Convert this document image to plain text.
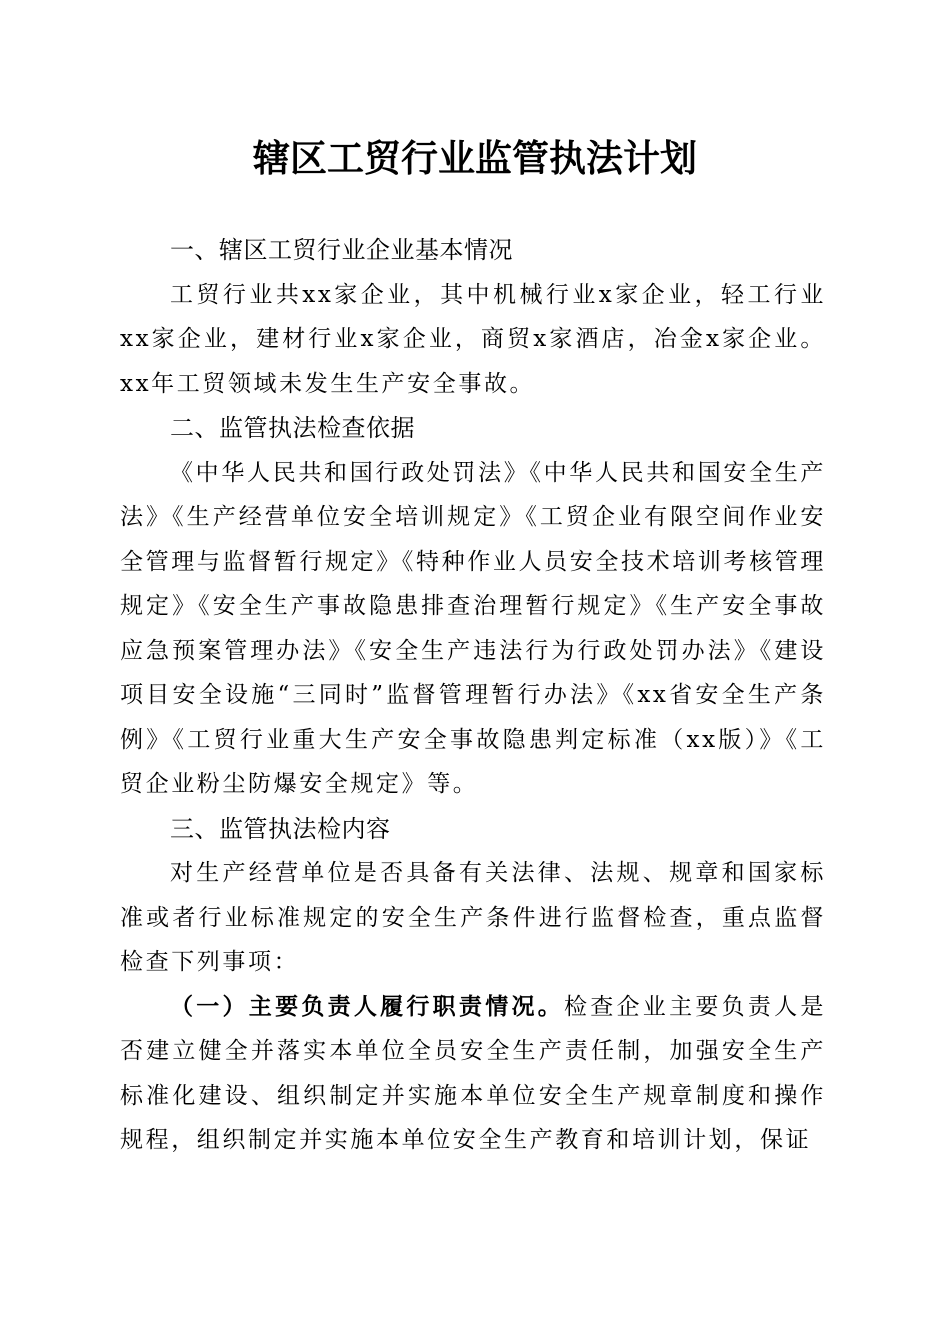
辖区工贸行业监管执法计划
一、辖区工贸行业企业基本情况

工贸行业共xx家企业，其中机械行业x家企业，轻工行业xx家企业，建材行业x家企业，商贸x家酒店，冶金x家企业。xx年工贸领域未发生生产安全事故。

二、监管执法检查依据

《中华人民共和国行政处罚法》《中华人民共和国安全生产法》《生产经营单位安全培训规定》《工贸企业有限空间作业安全管理与监督暂行规定》《特种作业人员安全技术培训考核管理规定》《安全生产事故隐患排查治理暂行规定》《生产安全事故应急预案管理办法》《安全生产违法行为行政处罚办法》《建设项目安全设施“三同时”监督管理暂行办法》《xx省安全生产条例》《工贸行业重大生产安全事故隐患判定标准（xx版）》《工贸企业粉尘防爆安全规定》等。

三、监管执法检内容

对生产经营单位是否具备有关法律、法规、规章和国家标准或者行业标准规定的安全生产条件进行监督检查，重点监督检查下列事项：

（一）主要负责人履行职责情况。检查企业主要负责人是否建立健全并落实本单位全员安全生产责任制，加强安全生产标准化建设、组织制定并实施本单位安全生产规章制度和操作规程，组织制定并实施本单位安全生产教育和培训计划，保证
